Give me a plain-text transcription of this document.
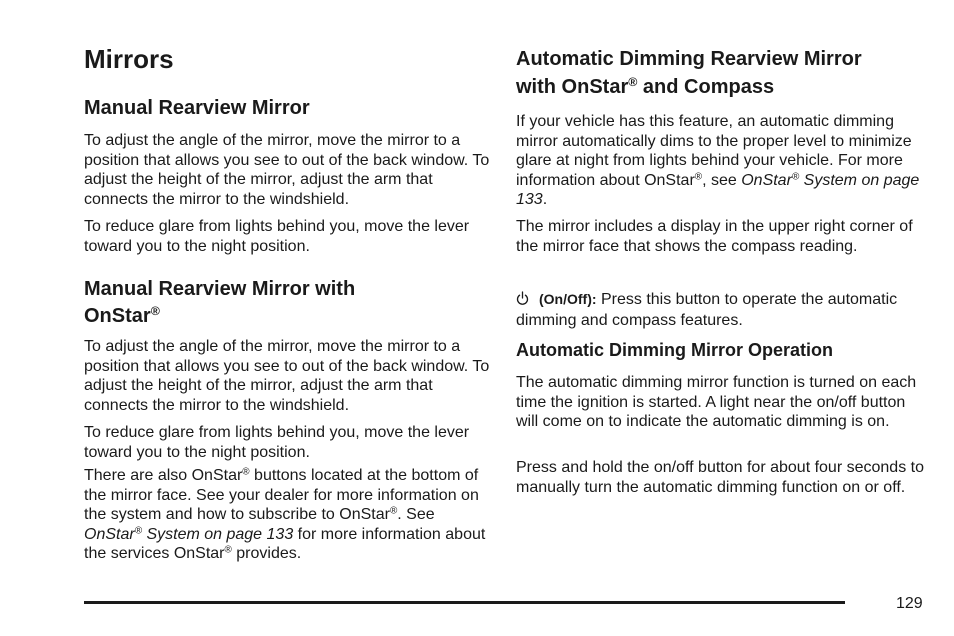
Mirrors
Manual Rearview Mirror

To adjust the angle of the mirror, move the mirror to a position that allows you see to out of the back window. To adjust the height of the mirror, adjust the arm that connects the mirror to the windshield.

To reduce glare from lights behind you, move the lever toward you to the night position.

Manual Rearview Mirror with
OnStar®

To adjust the angle of the mirror, move the mirror to a position that allows you see to out of the back window. To adjust the height of the mirror, adjust the arm that connects the mirror to the windshield.

To reduce glare from lights behind you, move the lever toward you to the night position.

There are also OnStar® buttons located at the bottom of the mirror face. See your dealer for more information on the system and how to subscribe to OnStar®. See OnStar® System on page 133 for more information about the services OnStar® provides.

Automatic Dimming Rearview Mirror
with OnStar® and Compass

If your vehicle has this feature, an automatic dimming mirror automatically dims to the proper level to minimize glare at night from lights behind your vehicle. For more information about OnStar®, see OnStar® System on page 133.

The mirror includes a display in the upper right corner of the mirror face that shows the compass reading.

(On/Off): Press this button to operate the automatic dimming and compass features.

Automatic Dimming Mirror Operation

The automatic dimming mirror function is turned on each time the ignition is started. A light near the on/off button will come on to indicate the automatic dimming is on.

Press and hold the on/off button for about four seconds to manually turn the automatic dimming function on or off.

129
